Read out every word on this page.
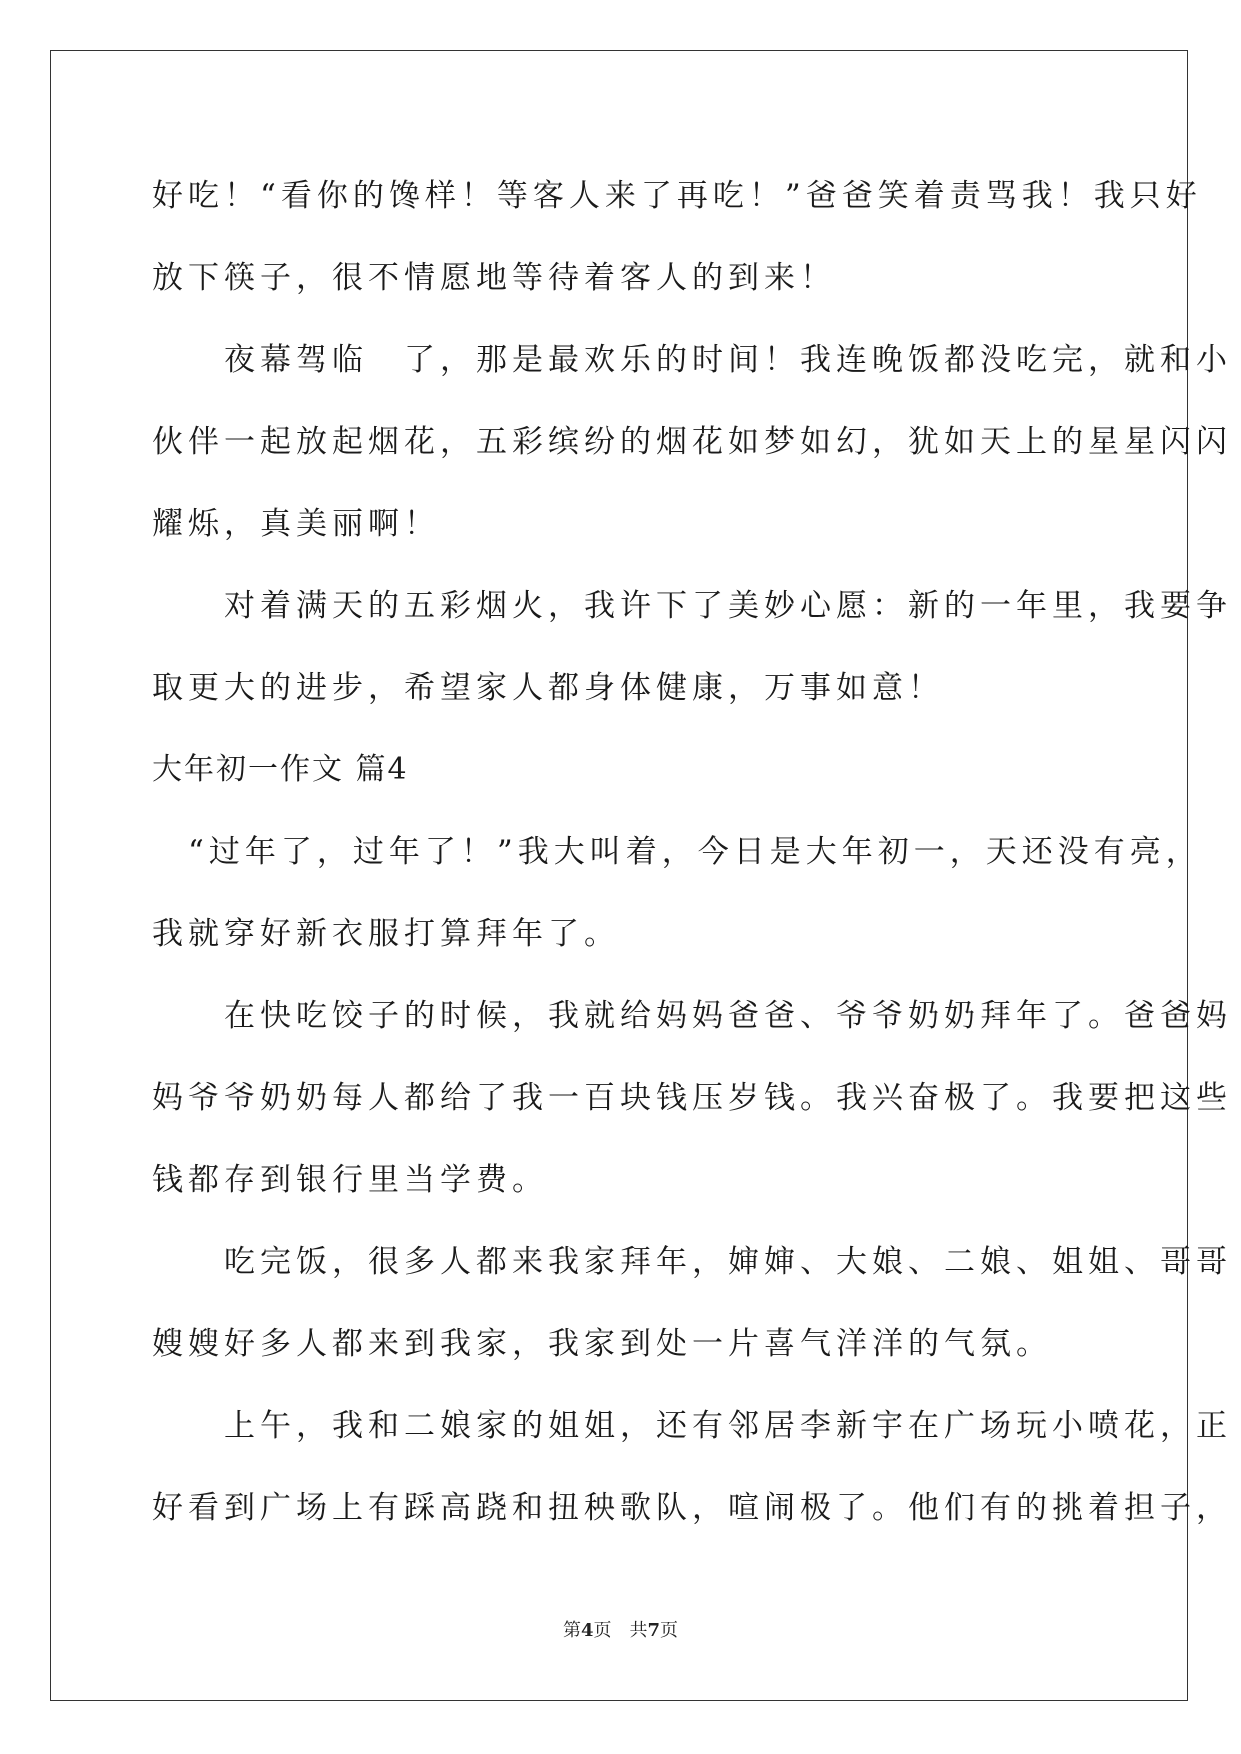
好吃！“看你的馋样！等客人来了再吃！”爸爸笑着责骂我！我只好
放下筷子，很不情愿地等待着客人的到来！
　　夜幕驾临　了，那是最欢乐的时间！我连晚饭都没吃完，就和小
伙伴一起放起烟花，五彩缤纷的烟花如梦如幻，犹如天上的星星闪闪
耀烁，真美丽啊！
　　对着满天的五彩烟火，我许下了美妙心愿：新的一年里，我要争
取更大的进步，希望家人都身体健康，万事如意！
大年初一作文 篇4
　“过年了，过年了！”我大叫着，今日是大年初一，天还没有亮，
我就穿好新衣服打算拜年了。
　　在快吃饺子的时候，我就给妈妈爸爸、爷爷奶奶拜年了。爸爸妈
妈爷爷奶奶每人都给了我一百块钱压岁钱。我兴奋极了。我要把这些
钱都存到银行里当学费。
　　吃完饭，很多人都来我家拜年，婶婶、大娘、二娘、姐姐、哥哥
嫂嫂好多人都来到我家，我家到处一片喜气洋洋的气氛。
　　上午，我和二娘家的姐姐，还有邻居李新宇在广场玩小喷花，正
好看到广场上有踩高跷和扭秧歌队，喧闹极了。他们有的挑着担子，
第4页　共7页
